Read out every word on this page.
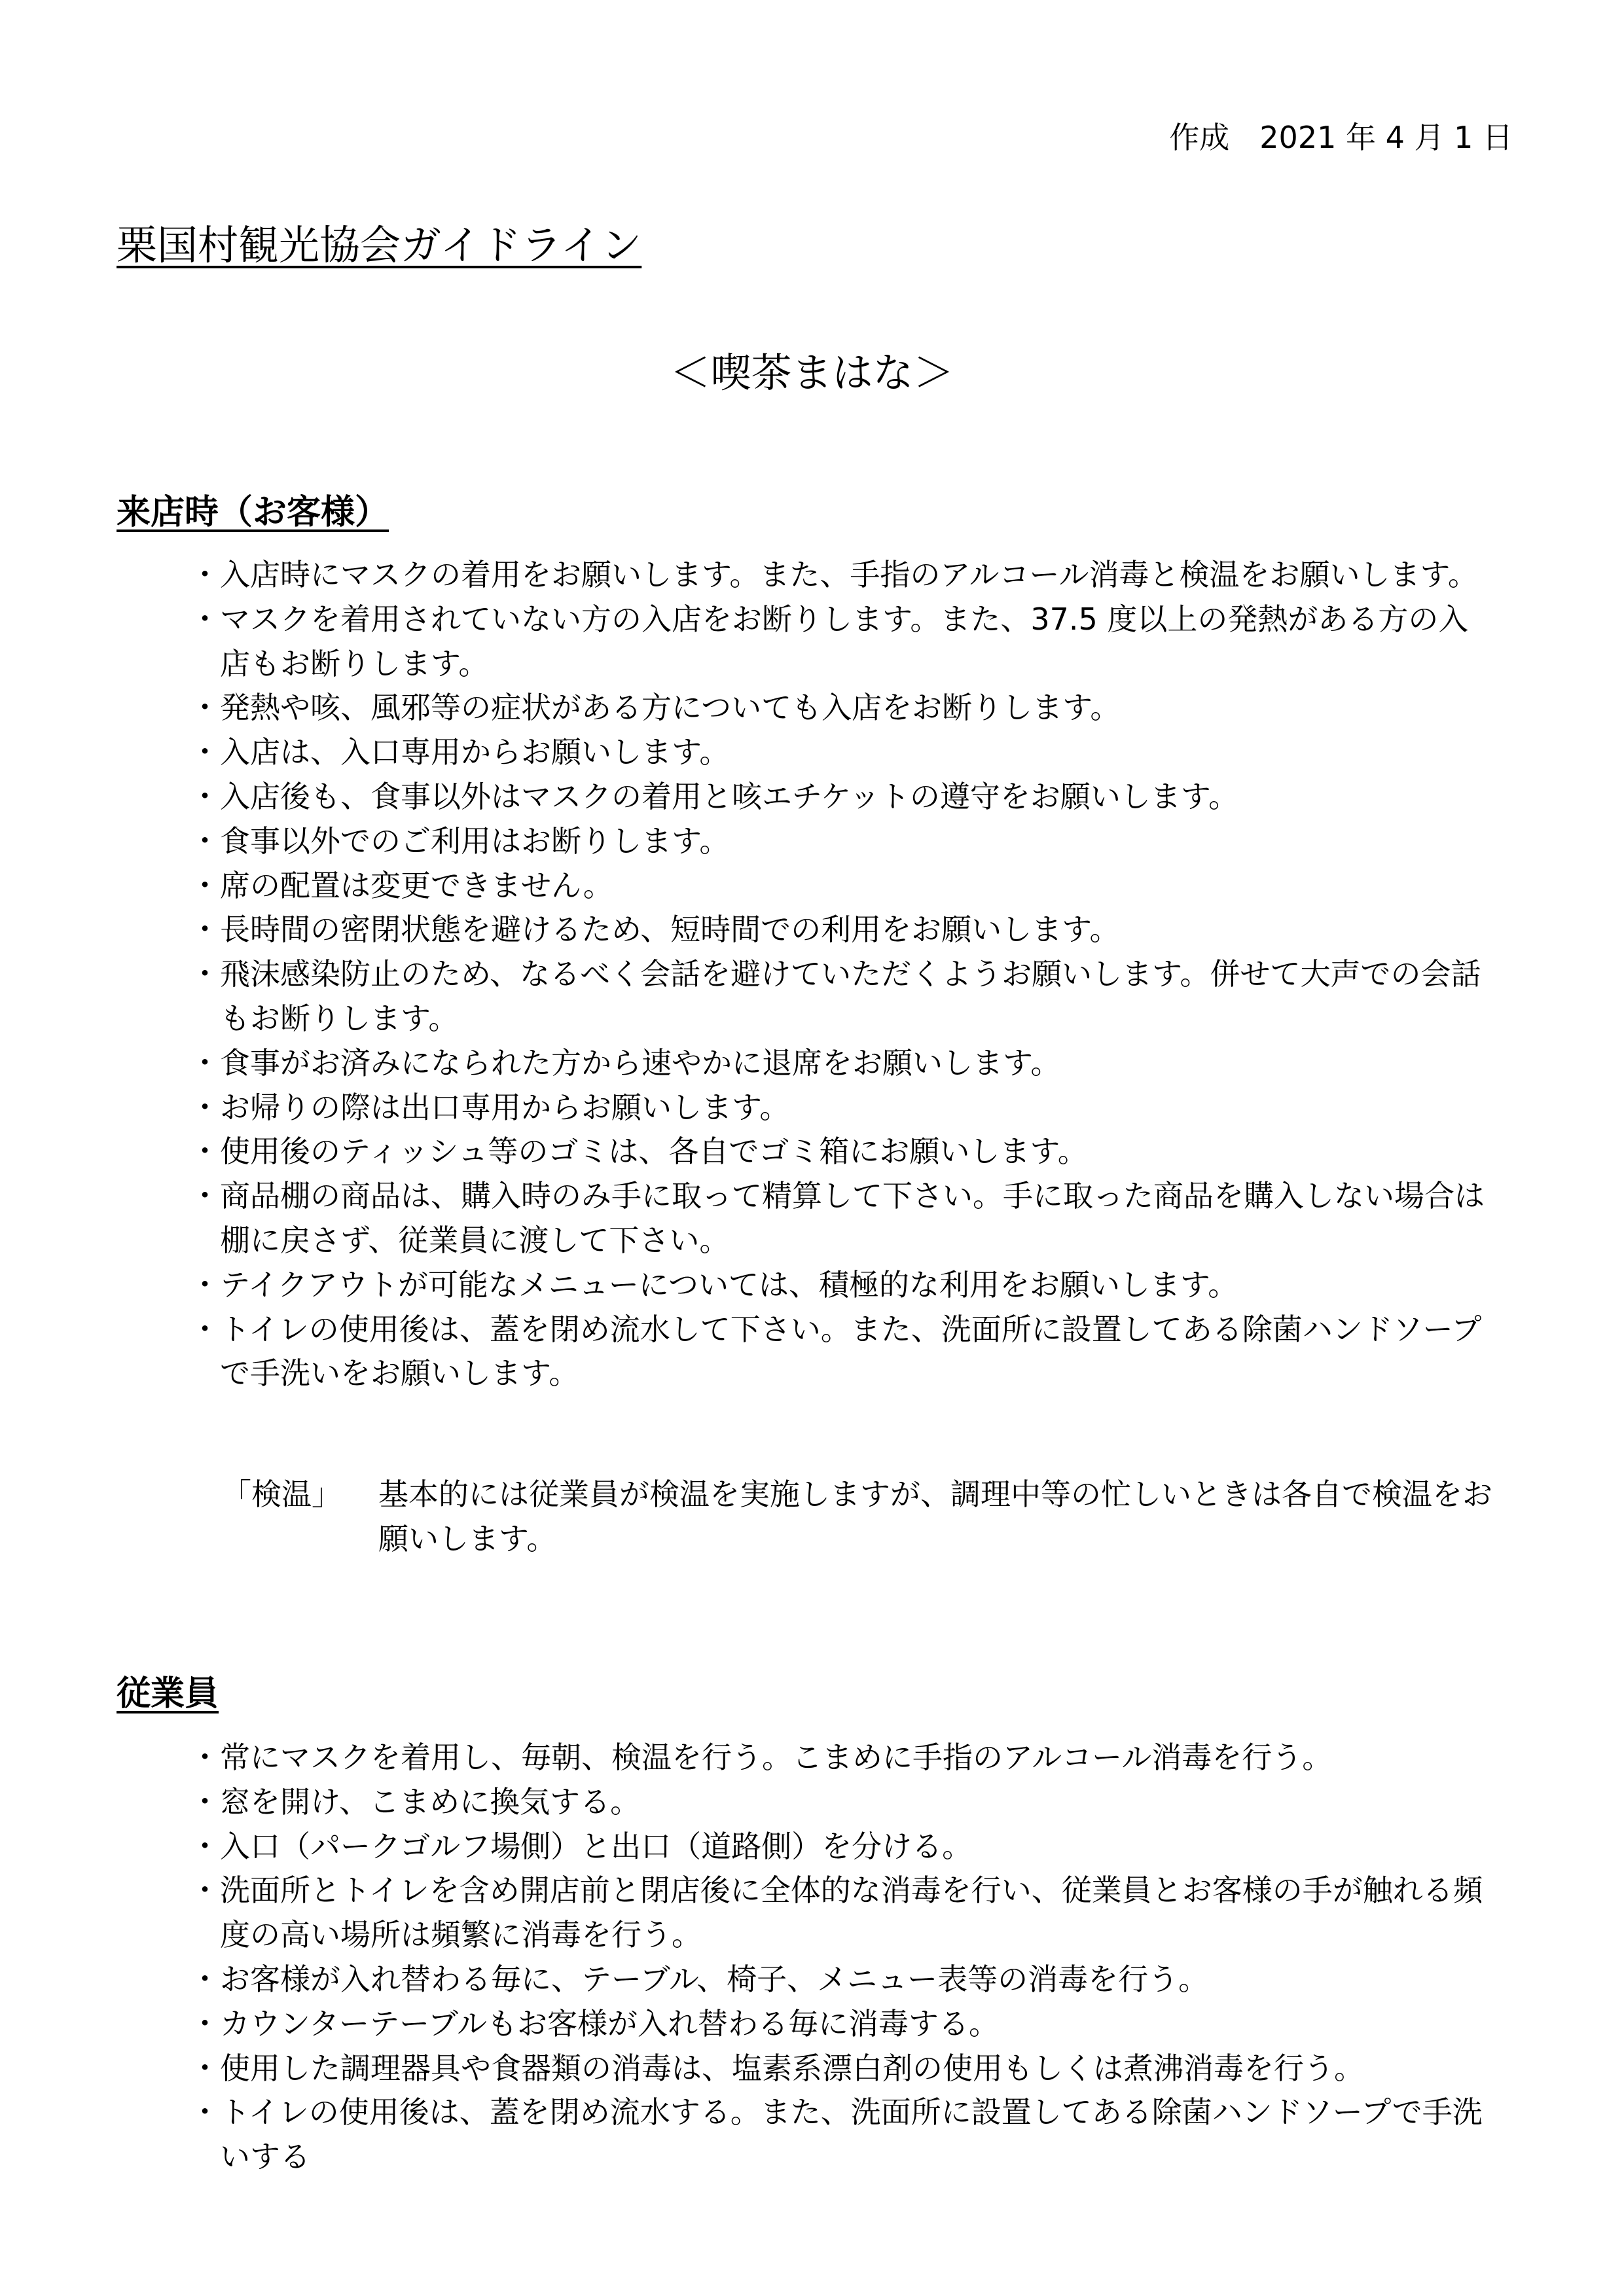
作成　2021 年 4 月 1 日
栗国村観光協会ガイドライン
＜喫茶まはな＞
来店時（お客様）
・ 入店時にマスクの着用をお願いします。また、手指のアルコール消毒と検温をお願いします。
・ マスクを着用されていない方の入店をお断りします。また、37.5 度以上の発熱がある方の入店もお断りします。
・ 発熱や咳、風邪等の症状がある方についても入店をお断りします。
・ 入店は、入口専用からお願いします。
・ 入店後も、食事以外はマスクの着用と咳エチケットの遵守をお願いします。
・ 食事以外でのご利用はお断りします。
・ 席の配置は変更できません。
・ 長時間の密閉状態を避けるため、短時間での利用をお願いします。
・ 飛沫感染防止のため、なるべく会話を避けていただくようお願いします。併せて大声での会話もお断りします。
・ 食事がお済みになられた方から速やかに退席をお願いします。
・ お帰りの際は出口専用からお願いします。
・ 使用後のティッシュ等のゴミは、各自でゴミ箱にお願いします。
・ 商品棚の商品は、購入時のみ手に取って精算して下さい。手に取った商品を購入しない場合は棚に戻さず、従業員に渡して下さい。
・ テイクアウトが可能なメニューについては、積極的な利用をお願いします。
・ トイレの使用後は、蓋を閉め流水して下さい。また、洗面所に設置してある除菌ハンドソープで手洗いをお願いします。
「検温」	基本的には従業員が検温を実施しますが、調理中等の忙しいときは各自で検温をお願いします。
従業員
・ 常にマスクを着用し、毎朝、検温を行う。こまめに手指のアルコール消毒を行う。
・ 窓を開け、こまめに換気する。
・ 入口（パークゴルフ場側）と出口（道路側）を分ける。
・ 洗面所とトイレを含め開店前と閉店後に全体的な消毒を行い、従業員とお客様の手が触れる頻度の高い場所は頻繁に消毒を行う。
・ お客様が入れ替わる毎に、テーブル、椅子、メニュー表等の消毒を行う。
・ カウンターテーブルもお客様が入れ替わる毎に消毒する。
・ 使用した調理器具や食器類の消毒は、塩素系漂白剤の使用もしくは煮沸消毒を行う。
・ トイレの使用後は、蓋を閉め流水する。また、洗面所に設置してある除菌ハンドソープで手洗いする
